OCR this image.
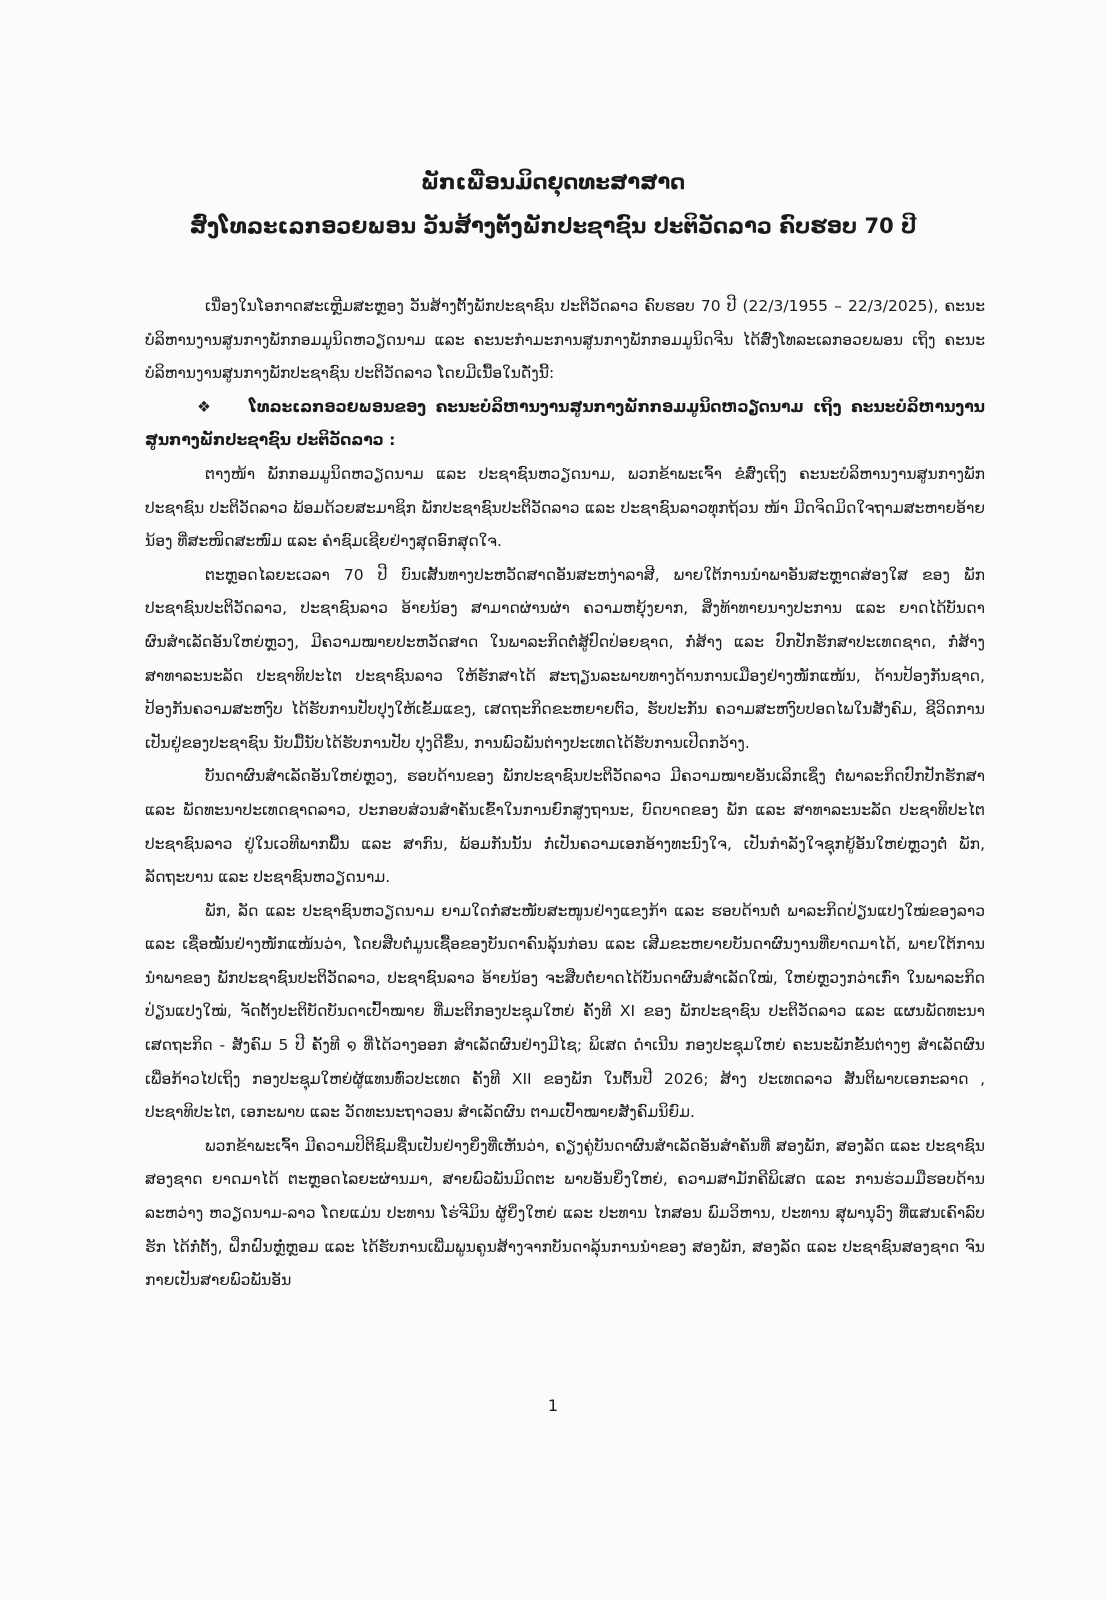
ພັກເພື່ອນມິດຍຸດທະສາສາດ
ສົ່ງໂທລະເລກອວຍພອນ ວັນສ້າງຕັ້ງພັກປະຊາຊົນ ປະຕິວັດລາວ ຄົບຮອບ 70 ປີ

ເນື່ອງໃນໂອກາດສະເຫຼີມສະຫຼອງ ວັນສ້າງຕັ້ງພັກປະຊາຊົນ ປະຕິວັດລາວ ຄົບຮອບ 70 ປີ (22/3/1955 – 22/3/2025), ຄະນະບໍລິຫານງານສູນກາງພັກກອມມູນິດຫວຽດນາມ ແລະ ຄະນະກຳມະການສູນກາງພັກກອມມູນິດຈີນ ໄດ້ສົ່ງໂທລະເລກອວຍພອນ ເຖິງ ຄະນະບໍລິຫານງານສູນກາງພັກປະຊາຊົນ ປະຕິວັດລາວ ໂດຍມີເນື້ອໃນດັ່ງນີ້:

❖ ໂທລະເລກອວຍພອນຂອງ ຄະນະບໍລິຫານງານສູນກາງພັກກອມມູນິດຫວຽດນາມ ເຖິງ ຄະນະບໍລິຫານງານສູນກາງພັກປະຊາຊົນ ປະຕິວັດລາວ :

ຕາງໜ້າ ພັກກອມມູນິດຫວຽດນາມ ແລະ ປະຊາຊົນຫວຽດນາມ, ພວກຂ້າພະເຈົ້າ ຂໍສົ່ງເຖິງ ຄະນະບໍລິຫານງານສູນກາງພັກປະຊາຊົນ ປະຕິວັດລາວ ພ້ອມດ້ວຍສະມາຊິກ ພັກປະຊາຊົນປະຕິວັດລາວ ແລະ ປະຊາຊົນລາວທຸກຖ້ວນ ໜ້າ ມີດຈິດມິດໃຈຖາມສະຫາຍອ້າຍນ້ອງ ທີ່ສະໜິດສະໜົມ ແລະ ຄຳຊົມເຊີຍຢ່າງສຸດອົກສຸດໃຈ.

ຕະຫຼອດໄລຍະເວລາ 70 ປີ ບົນເສັ້ນທາງປະຫວັດສາດອັນສະຫງ່າລາສີ, ພາຍໃຕ້ການນຳພາອັນສະຫຼາດສ່ອງໃສ ຂອງ ພັກປະຊາຊົນປະຕິວັດລາວ, ປະຊາຊົນລາວ ອ້າຍນ້ອງ ສາມາດຜ່ານຜ່າ ຄວາມຫຍຸ້ງຍາກ, ສິ່ງທ້າທາຍນາງປະການ ແລະ ຍາດໄດ້ບັນດາຜົນສຳເລັດອັນໃຫຍ່ຫຼວງ, ມີຄວາມໝາຍປະຫວັດສາດ ໃນພາລະກິດຕໍ່ສູ້ປົດປ່ອຍຊາດ, ກໍ່ສ້າງ ແລະ ປົກປັກຮັກສາປະເທດຊາດ, ກໍ່ສ້າງ ສາທາລະນະລັດ ປະຊາທິປະໄຕ ປະຊາຊົນລາວ ໃຫ້ຮັກສາໄດ້ ສະຖຽນລະພາບທາງດ້ານການເມືອງຢ່າງໜັກແໜ້ນ, ດ້ານປ້ອງກັນຊາດ, ປ້ອງກັນຄວາມສະຫງົບ ໄດ້ຮັບການປັບປຸງໃຫ້ເຂັ້ມແຂງ, ເສດຖະກິດຂະຫຍາຍຕົວ, ຮັບປະກັນ ຄວາມສະຫງົບປອດໄພໃນສັງຄົມ, ຊີວິດການເປັນຢູ່ຂອງປະຊາຊົນ ນັບມື້ນັບໄດ້ຮັບການປັບ ປຸງດີຂຶ້ນ, ການພົວພັນຕ່າງປະເທດໄດ້ຮັບການເປີດກວ້າງ.

ບັນດາຜົນສຳເລັດອັນໃຫຍ່ຫຼວງ, ຮອບດ້ານຂອງ ພັກປະຊາຊົນປະຕິວັດລາວ ມີຄວາມໝາຍອັນເລິກເຊິ່ງ ຕໍ່ພາລະກິດປົກປັກຮັກສາ ແລະ ພັດທະນາປະເທດຊາດລາວ, ປະກອບສ່ວນສຳຄັນເຂົ້າໃນການຍົກສູງຖານະ, ບົດບາດຂອງ ພັກ ແລະ ສາທາລະນະລັດ ປະຊາທິປະໄຕ ປະຊາຊົນລາວ ຢູ່ໃນເວທີພາກພື້ນ ແລະ ສາກົນ, ພ້ອມກັນນັ້ນ ກໍ່ເປັນຄວາມເອກອ້າງທະນົງໃຈ, ເປັນກຳລັງໃຈຊຸກຍູ້ອັນໃຫຍ່ຫຼວງຕໍ່ ພັກ, ລັດຖະບານ ແລະ ປະຊາຊົນຫວຽດນາມ.

ພັກ, ລັດ ແລະ ປະຊາຊົນຫວຽດນາມ ຍາມໃດກໍ່ສະໜັບສະໜູນຢ່າງແຂງກ້າ ແລະ ຮອບດ້ານຕໍ່ ພາລະກິດປ່ຽນແປງໃໝ່ຂອງລາວ ແລະ ເຊື່ອໝັ້ນຢ່າງໜັກແໜ້ນວ່າ, ໂດຍສືບຕໍ່ມູນເຊື້ອຂອງບັນດາຄົນລຸ້ນກ່ອນ ແລະ ເສີມຂະຫຍາຍບັນດາຜົນງານທີ່ຍາດມາໄດ້, ພາຍໃຕ້ການນຳພາຂອງ ພັກປະຊາຊົນປະຕິວັດລາວ, ປະຊາຊົນລາວ ອ້າຍນ້ອງ ຈະສືບຕໍ່ຍາດໄດ້ບັນດາຜົນສຳເລັດໃໝ່, ໃຫຍ່ຫຼວງກວ່າເກົ່າ ໃນພາລະກິດປ່ຽນແປງໃໝ່, ຈັດຕັ້ງປະຕິບັດບັນດາເປົ້າໝາຍ ທີ່ມະຕິກອງປະຊຸມໃຫຍ່ ຄັ້ງທີ XI ຂອງ ພັກປະຊາຊົນ ປະຕິວັດລາວ ແລະ ແຜນພັດທະນາເສດຖະກິດ - ສັງຄົມ 5 ປີ ຄັ້ງທີ ໑ ທີ່ໄດ້ວາງອອກ ສຳເລັດຜົນຢ່າງມີໄຊ; ພິເສດ ດຳເນີນ ກອງປະຊຸມໃຫຍ່ ຄະນະພັກຂັ້ນຕ່າງໆ ສຳເລັດຜົນ ເພື່ອກ້າວໄປເຖິງ ກອງປະຊຸມໃຫຍ່ຜູ້ແທນທົ່ວປະເທດ ຄັ້ງທີ XII ຂອງພັກ ໃນຕົ້ນປີ 2026; ສ້າງ ປະເທດລາວ ສັນຕິພາບເອກະລາດ , ປະຊາທິປະໄຕ, ເອກະພາບ ແລະ ວັດທະນະຖາວອນ ສຳເລັດຜົນ ຕາມເປົ້າໝາຍສັງຄົມນິຍົມ.

ພວກຂ້າພະເຈົ້າ ມີຄວາມປິຕິຊົມຊື່ນເປັນຢ່າງຍິ່ງທີ່ເຫັນວ່າ, ຄຽງຄູ່ບັນດາຜົນສຳເລັດອັນສຳຄັນທີ່ ສອງພັກ, ສອງລັດ ແລະ ປະຊາຊົນສອງຊາດ ຍາດມາໄດ້ ຕະຫຼອດໄລຍະຜ່ານມາ, ສາຍພົວພັນມິດຕະ ພາບອັນຍິ່ງໃຫຍ່, ຄວາມສາມັກຄີພິເສດ ແລະ ການຮ່ວມມືຮອບດ້ານ ລະຫວ່າງ ຫວຽດນາມ-ລາວ ໂດຍແມ່ນ ປະທານ ໂຮ່ຈີມິນ ຜູ້ຍິ່ງໃຫຍ່ ແລະ ປະທານ ໄກສອນ ພົມວິຫານ, ປະທານ ສຸພານຸວົງ ທີ່ແສນເຄົາລົບຮັກ ໄດ້ກໍ່ຕັ້ງ, ຝຶກຝົນຫຼໍ່ຫຼອມ ແລະ ໄດ້ຮັບການເພີ່ມພູນຄູນສ້າງຈາກບັນດາລຸ້ນການນຳຂອງ ສອງພັກ, ສອງລັດ ແລະ ປະຊາຊົນສອງຊາດ ຈົນກາຍເປັນສາຍພົວພັນອັນ

1
